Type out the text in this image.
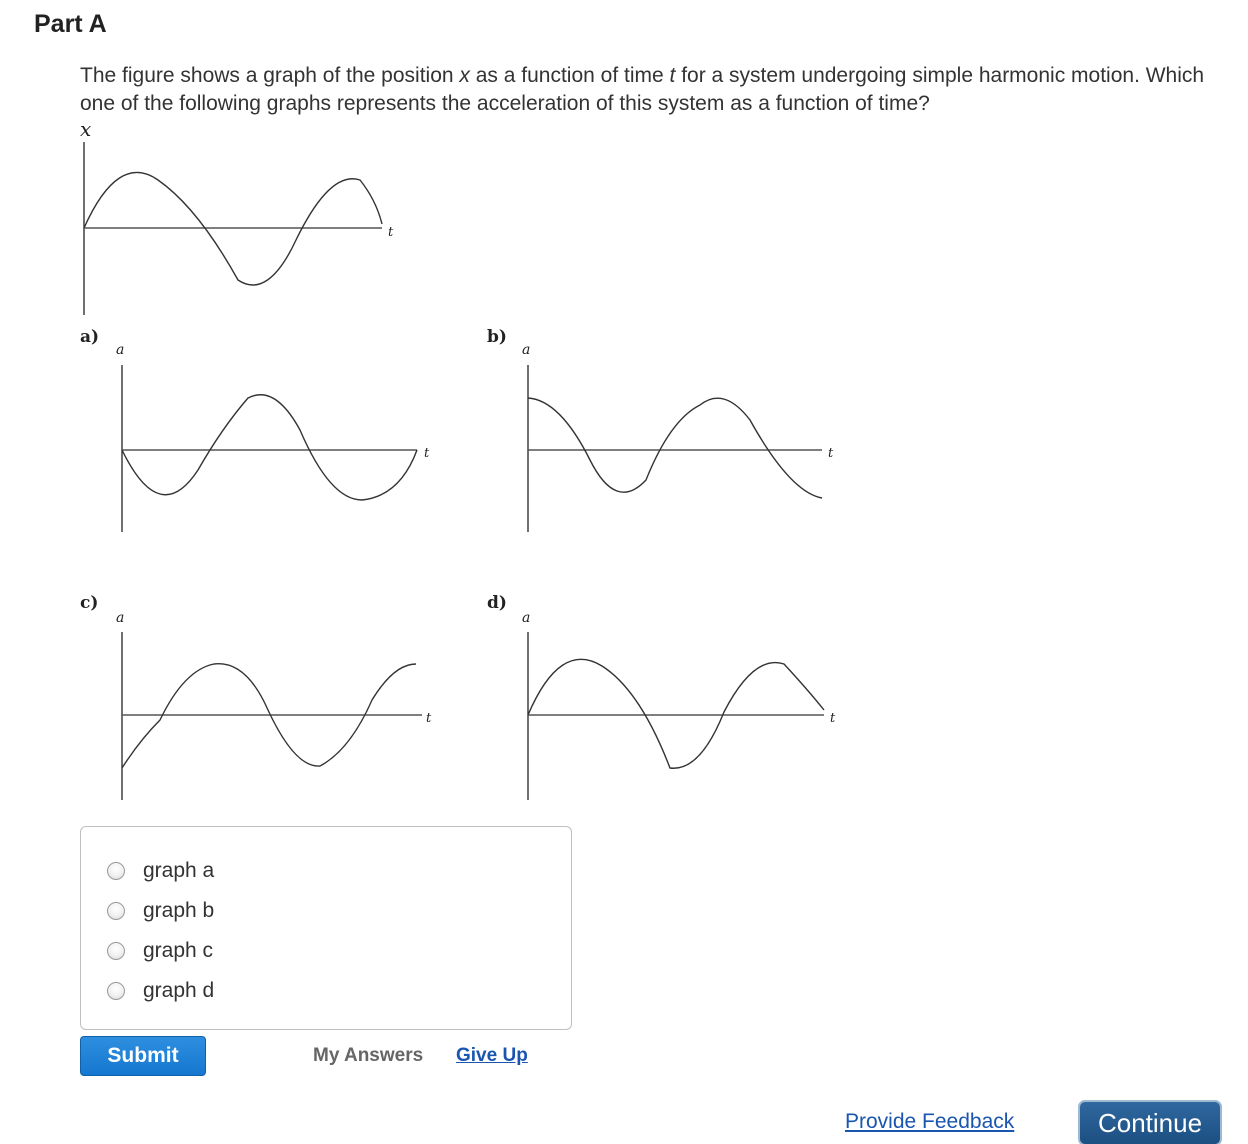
Part A

The figure shows a graph of the position x as a function of time t for a system undergoing simple harmonic motion. Which one of the following graphs represents the acceleration of this system as a function of time?

x
t
a)
a
t
b)
a
t
c)
a
t
d)
a
t
graph a
graph b
graph c
graph d
Submit	My Answers Give Up
Provide Feedback	Continue
